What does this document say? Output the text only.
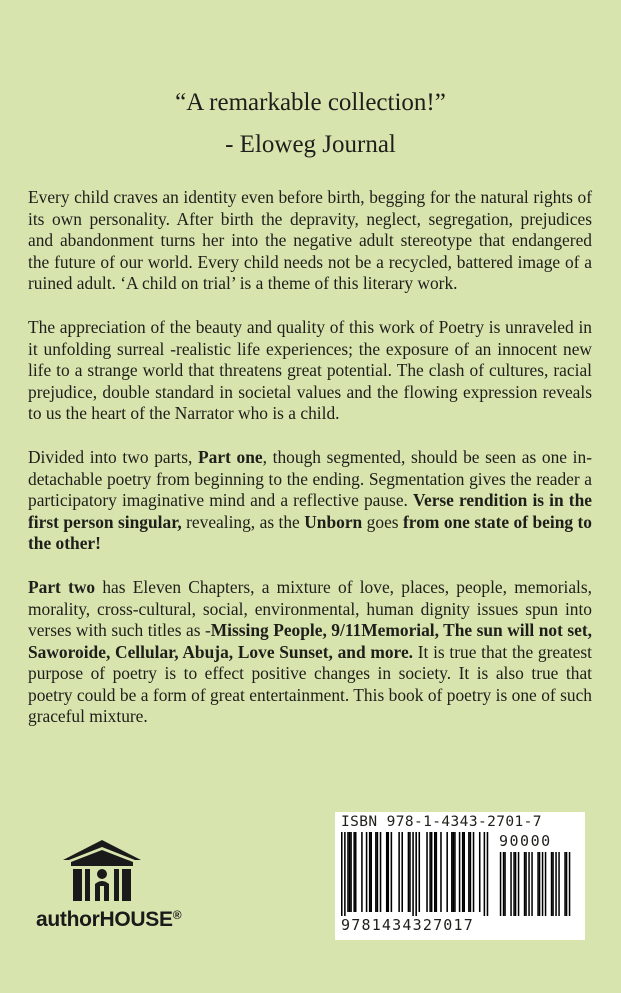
“A remarkable collection!”
- Eloweg Journal

Every child craves an identity even before birth, begging for the natural rights of its own personality. After birth the depravity, neglect, segregation, prejudices and abandonment turns her into the negative adult stereotype that endangered the future of our world. Every child needs not be a recycled, battered image of a ruined adult. ‘A child on trial’ is a theme of this literary work.

The appreciation of the beauty and quality of this work of Poetry is unraveled in it unfolding surreal -realistic life experiences; the exposure of an innocent new life to a strange world that threatens great potential. The clash of cultures, racial prejudice, double standard in societal values and the flowing expression reveals to us the heart of the Narrator who is a child.

Divided into two parts, Part one, though segmented, should be seen as one in-detachable poetry from beginning to the ending. Segmentation gives the reader a participatory imaginative mind and a reflective pause. Verse rendition is in the first person singular, revealing, as the Unborn goes from one state of being to the other!

Part two has Eleven Chapters, a mixture of love, places, people, memorials, morality, cross-cultural, social, environmental, human dignity issues spun into verses with such titles as -Missing People, 9/11Memorial, The sun will not set, Saworoide, Cellular, Abuja, Love Sunset, and more. It is true that the greatest purpose of poetry is to effect positive changes in society. It is also true that poetry could be a form of great entertainment. This book of poetry is one of such graceful mixture.

authorHOUSE®
ISBN 978-1-4343-2701-7
90000
9781434327017
